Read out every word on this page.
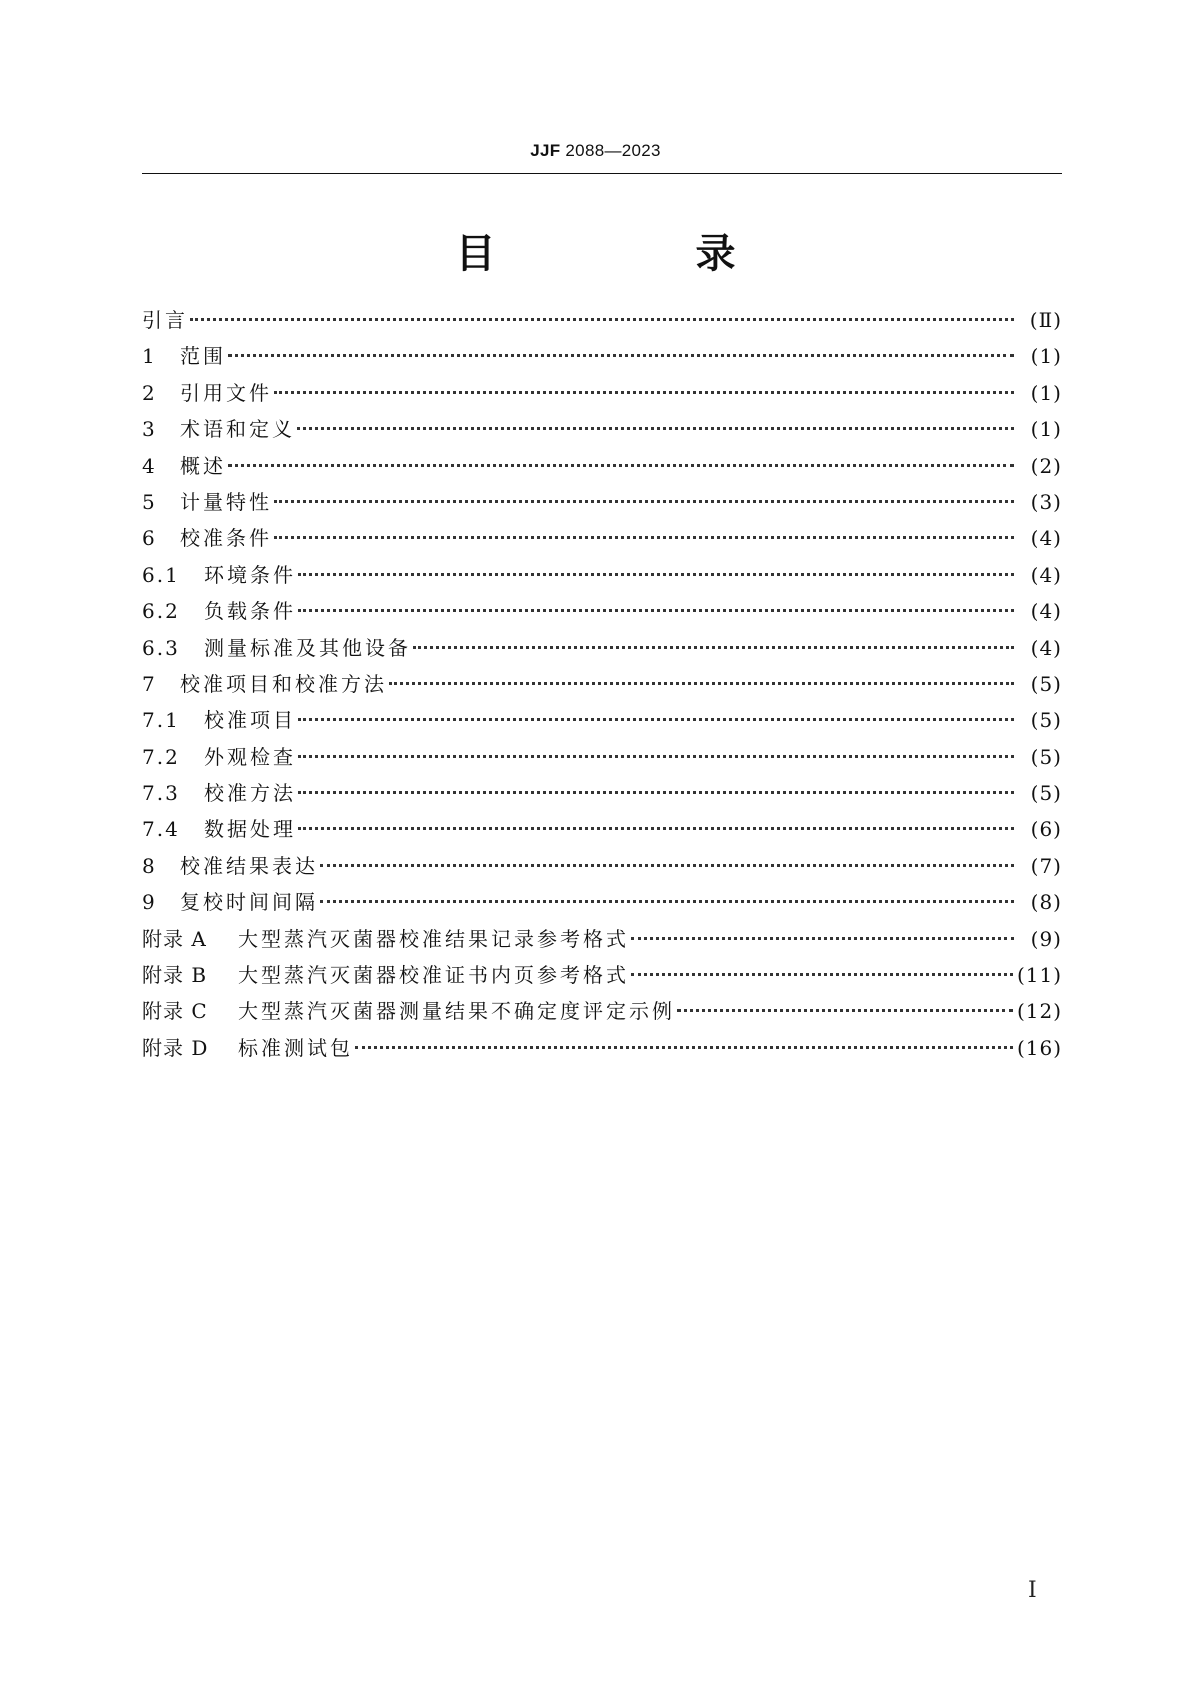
JJF 2088—2023
目　录
引言	(Ⅱ)
1	范围	(1)
2	引用文件	(1)
3	术语和定义	(1)
4	概述	(2)
5	计量特性	(3)
6	校准条件	(4)
6.1	环境条件	(4)
6.2	负载条件	(4)
6.3	测量标准及其他设备	(4)
7	校准项目和校准方法	(5)
7.1	校准项目	(5)
7.2	外观检查	(5)
7.3	校准方法	(5)
7.4	数据处理	(6)
8	校准结果表达	(7)
9	复校时间间隔	(8)
附录 A	大型蒸汽灭菌器校准结果记录参考格式	(9)
附录 B	大型蒸汽灭菌器校准证书内页参考格式	(11)
附录 C	大型蒸汽灭菌器测量结果不确定度评定示例	(12)
附录 D	标准测试包	(16)
I
